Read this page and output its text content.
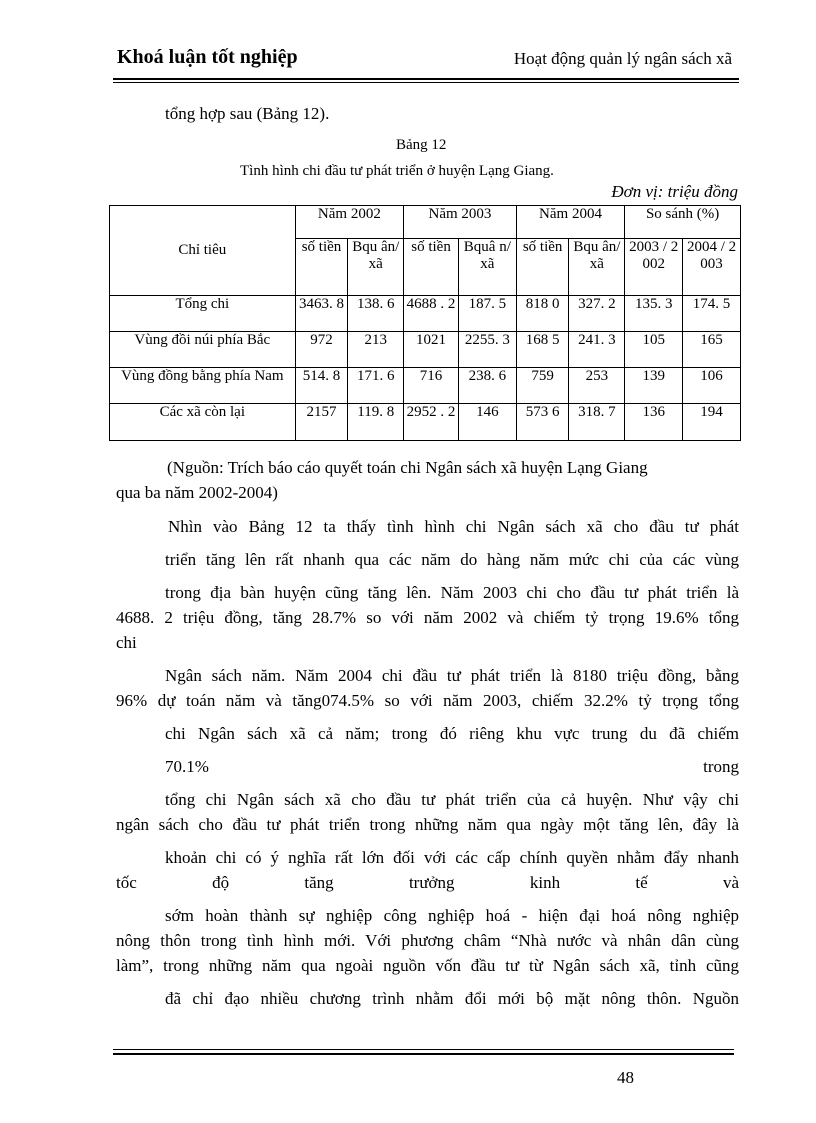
Khoá luận tốt nghiệp	Hoạt động quản lý ngân sách xã
tổng hợp sau (Bảng 12).
Bảng 12
Tình hình chi đầu tư phát triển ở huyện Lạng Giang.
Đơn vị: triệu đồng
Chỉ tiêu	Năm 2002		Năm 2003		Năm 2004		So sánh (%)	
	số tiền	Bqu ân/ xã	số tiền	Bquâ n/ xã	số tiền	Bqu ân/ xã	2003 / 2002	2004 / 2003
Tổng chi	3463. 8	138. 6	4688 . 2	187. 5	818 0	327. 2	135. 3	174. 5
Vùng đồi núi phía Bắc	972	213	1021	2255. 3	168 5	241. 3	105	165
Vùng đồng bằng phía Nam	514. 8	171. 6	716	238. 6	759	253	139	106
Các xã còn lại	2157	119. 8	2952 . 2	146	573 6	318. 7	136	194
(Nguồn: Trích báo cáo quyết toán chi Ngân sách xã huyện Lạng Giang
qua ba năm 2002-2004)
Nhìn vào Bảng 12 ta thấy tình hình chi Ngân sách xã cho đầu tư phát
triển tăng lên rất nhanh qua các năm do hàng năm mức chi của các vùng
trong địa bàn huyện cũng tăng lên. Năm 2003 chi cho đầu tư phát triển là
4688. 2 triệu đồng, tăng 28.7% so với năm 2002 và chiếm tỷ trọng 19.6% tổng
chi
Ngân sách năm. Năm 2004 chi đầu tư phát triển là 8180 triệu đồng, bằng
96% dự toán năm và tăng074.5% so với năm 2003, chiếm 32.2% tỷ trọng tổng
chi Ngân sách xã cả năm; trong đó riêng khu vực trung du đã chiếm
70.1%	trong
tổng chi Ngân sách xã cho đầu tư phát triển của cả huyện. Như vậy chi
ngân sách cho đầu tư phát triển trong những năm qua ngày một tăng lên, đây là
khoản chi có ý nghĩa rất lớn đối với các cấp chính quyền nhằm đẩy nhanh
tốc độ tăng trưởng kinh tế và
sớm hoàn thành sự nghiệp công nghiệp hoá - hiện đại hoá nông nghiệp
nông thôn trong tình hình mới. Với phương châm “Nhà nước và nhân dân cùng
làm”, trong những năm qua ngoài nguồn vốn đầu tư từ Ngân sách xã, tỉnh cũng
đã chỉ đạo nhiều chương trình nhằm đổi mới bộ mặt nông thôn. Nguồn
48
